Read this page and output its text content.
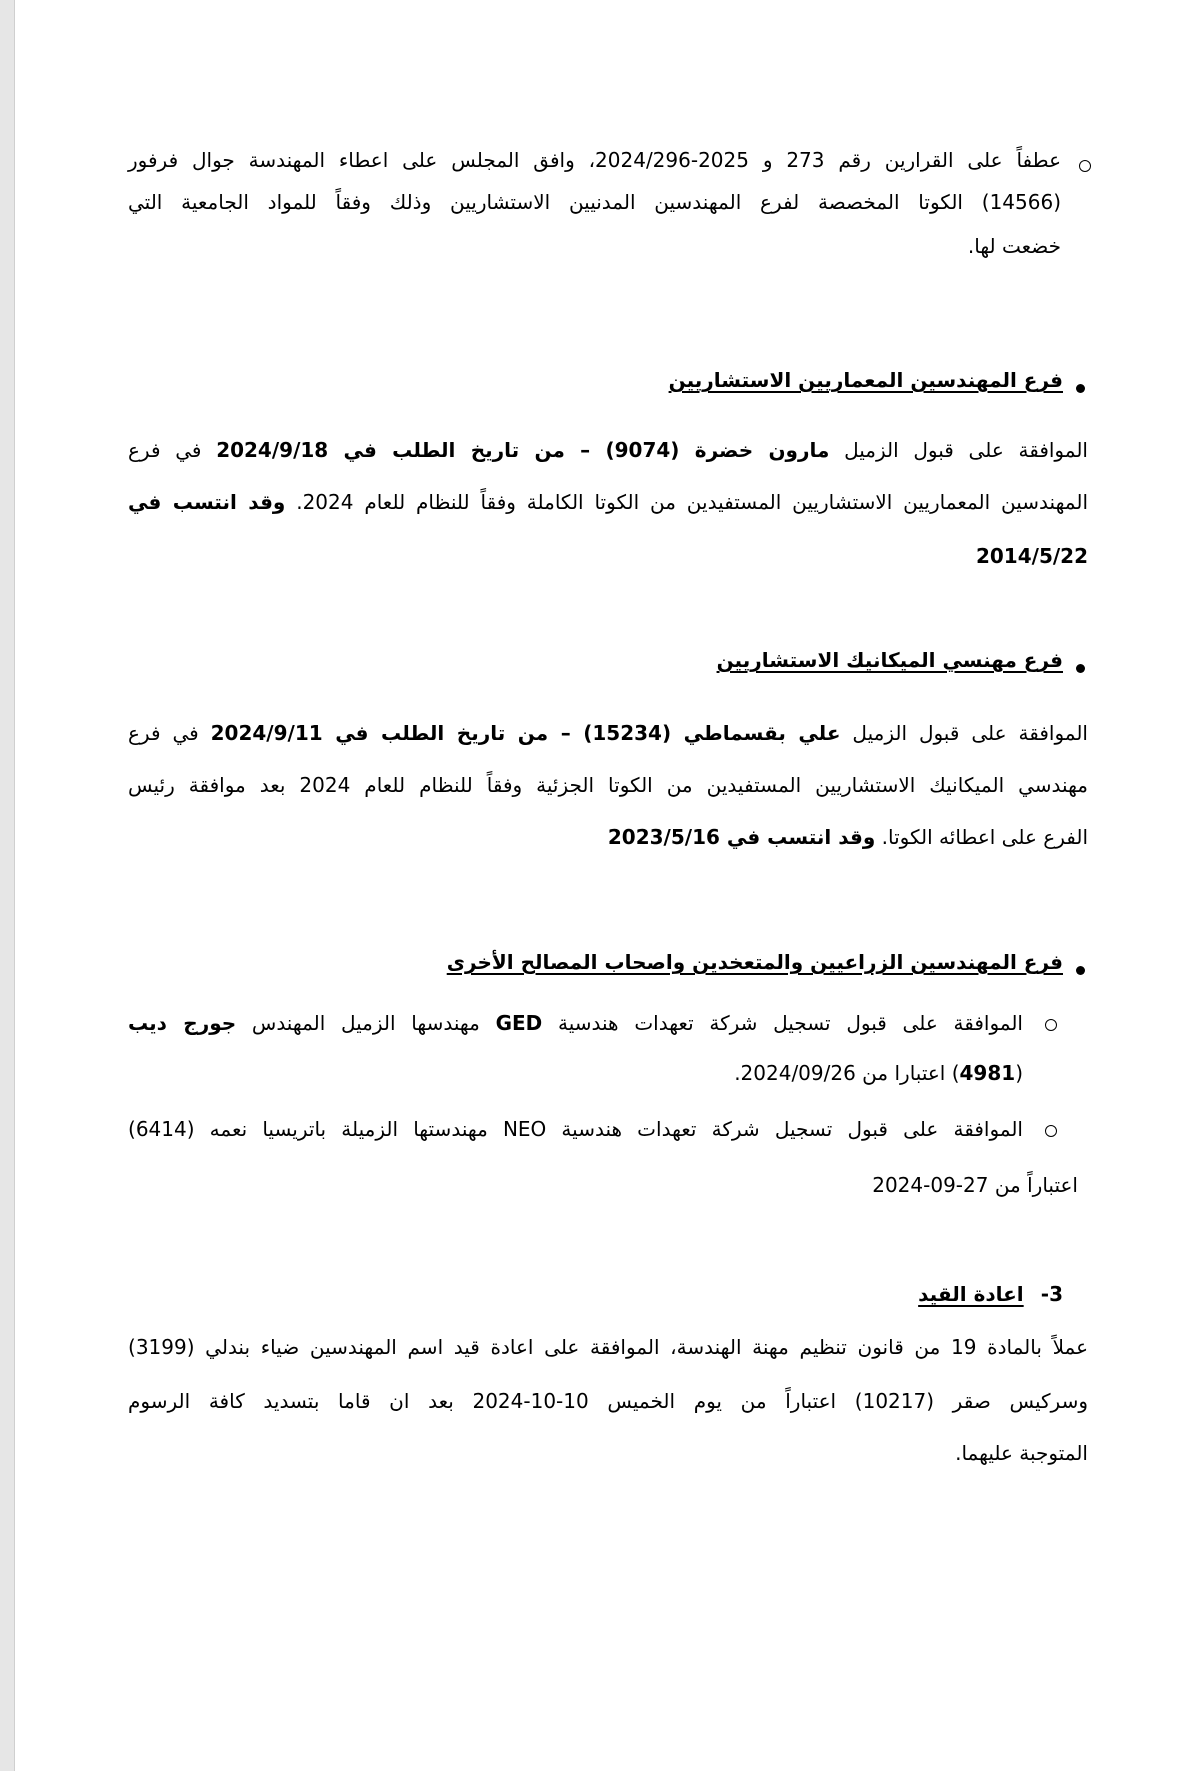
عطفاً على القرارين رقم 273 و 2025-2024/296، وافق المجلس على اعطاء المهندسة جوال فرفور
(14566) الكوتا المخصصة لفرع المهندسين المدنيين الاستشاريين وذلك وفقاً للمواد الجامعية التي
خضعت لها.
فرع المهندسين المعماريين الاستشاريين
الموافقة على قبول الزميل مارون خضرة (9074) – من تاريخ الطلب في 2024/9/18 في فرع
المهندسين المعماريين الاستشاريين المستفيدين من الكوتا الكاملة وفقاً للنظام للعام 2024. وقد انتسب في
2014/5/22
فرع مهنسي الميكانيك الاستشاريين
الموافقة على قبول الزميل علي بقسماطي (15234) – من تاريخ الطلب في 2024/9/11 في فرع
مهندسي الميكانيك الاستشاريين المستفيدين من الكوتا الجزئية وفقاً للنظام للعام 2024 بعد موافقة رئيس
الفرع على اعطائه الكوتا. وقد انتسب في 2023/5/16
فرع المهندسين الزراعيين والمتعخدين واصحاب المصالح الأخرى
الموافقة على قبول تسجيل شركة تعهدات هندسية GED مهندسها الزميل المهندس جورج ديب
(4981) اعتبارا من 2024/09/26.
الموافقة على قبول تسجيل شركة تعهدات هندسية NEO مهندستها الزميلة باتريسيا نعمه (6414)
اعتباراً من 27-09-2024
3- اعادة القيد
عملاً بالمادة 19 من قانون تنظيم مهنة الهندسة، الموافقة على اعادة قيد اسم المهندسين ضياء بندلي (3199)
وسركيس صقر (10217) اعتباراً من يوم الخميس 10-10-2024 بعد ان قاما بتسديد كافة الرسوم
المتوجبة عليهما.
